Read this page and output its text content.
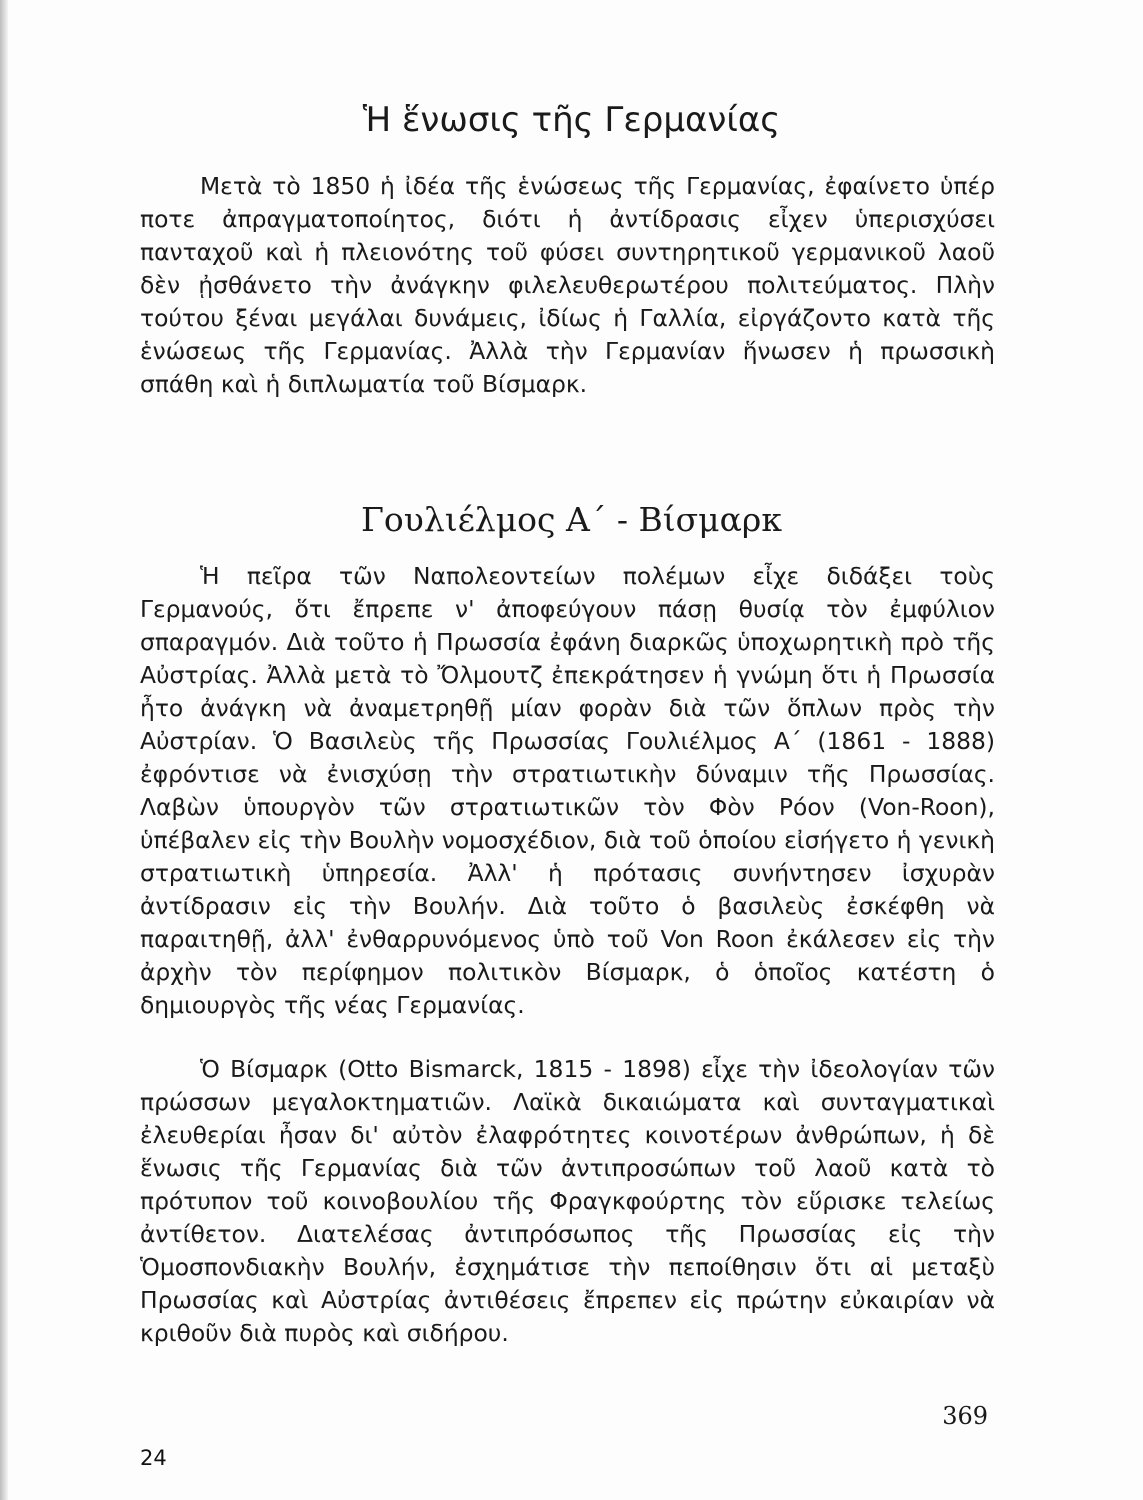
Ἡ ἕνωσις τῆς Γερμανίας

Μετὰ τὸ 1850 ἡ ἰδέα τῆς ἑνώσεως τῆς Γερμανίας, ἐφαίνετο ὑπέρ ποτε ἀπραγματοποίητος, διότι ἡ ἀντίδρασις εἶχεν ὑπερισχύσει πανταχοῦ καὶ ἡ πλειονότης τοῦ φύσει συντηρητικοῦ γερμανικοῦ λαοῦ δὲν ᾐσθάνετο τὴν ἀνάγκην φιλελευθερωτέρου πολιτεύματος. Πλὴν τούτου ξέναι μεγάλαι δυνάμεις, ἰδίως ἡ Γαλλία, εἰργάζοντο κατὰ τῆς ἑνώσεως τῆς Γερμανίας. Ἀλλὰ τὴν Γερμανίαν ἥνωσεν ἡ πρωσσικὴ σπάθη καὶ ἡ διπλωματία τοῦ Βίσμαρκ.

Γουλιέλμος Α΄ - Βίσμαρκ

Ἡ πεῖρα τῶν Ναπολεοντείων πολέμων εἶχε διδάξει τοὺς Γερμανούς, ὅτι ἔπρεπε ν' ἀποφεύγουν πάσῃ θυσίᾳ τὸν ἐμφύλιον σπαραγμόν. Διὰ τοῦτο ἡ Πρωσσία ἐφάνη διαρκῶς ὑποχωρητικὴ πρὸ τῆς Αὐστρίας. Ἀλλὰ μετὰ τὸ Ὄλμουτζ ἐπεκράτησεν ἡ γνώμη ὅτι ἡ Πρωσσία ἦτο ἀνάγκη νὰ ἀναμετρηθῇ μίαν φορὰν διὰ τῶν ὅπλων πρὸς τὴν Αὐστρίαν. Ὁ Βασιλεὺς τῆς Πρωσσίας Γουλιέλμος Α΄ (1861 - 1888) ἐφρόντισε νὰ ἐνισχύσῃ τὴν στρατιωτικὴν δύναμιν τῆς Πρωσσίας. Λαβὼν ὑπουργὸν τῶν στρατιωτικῶν τὸν Φὸν Ρόον (Von-Roon), ὑπέβαλεν εἰς τὴν Βουλὴν νομοσχέδιον, διὰ τοῦ ὁποίου εἰσήγετο ἡ γενικὴ στρατιωτικὴ ὑπηρεσία. Ἀλλ' ἡ πρότασις συνήντησεν ἰσχυρὰν ἀντίδρασιν εἰς τὴν Βουλήν. Διὰ τοῦτο ὁ βασιλεὺς ἐσκέφθη νὰ παραιτηθῇ, ἀλλ' ἐνθαρρυνόμενος ὑπὸ τοῦ Von Roon ἐκάλεσεν εἰς τὴν ἀρχὴν τὸν περίφημον πολιτικὸν Βίσμαρκ, ὁ ὁποῖος κατέστη ὁ δημιουργὸς τῆς νέας Γερμανίας.

Ὁ Βίσμαρκ (Otto Bismarck, 1815 - 1898) εἶχε τὴν ἰδεολογίαν τῶν πρώσσων μεγαλοκτηματιῶν. Λαϊκὰ δικαιώματα καὶ συνταγματικαὶ ἐλευθερίαι ἦσαν δι' αὐτὸν ἐλαφρότητες κοινοτέρων ἀνθρώπων, ἡ δὲ ἕνωσις τῆς Γερμανίας διὰ τῶν ἀντιπροσώπων τοῦ λαοῦ κατὰ τὸ πρότυπον τοῦ κοινοβουλίου τῆς Φραγκφούρτης τὸν εὕρισκε τελείως ἀντίθετον. Διατελέσας ἀντιπρόσωπος τῆς Πρωσσίας εἰς τὴν Ὁμοσπονδιακὴν Βουλήν, ἐσχημάτισε τὴν πεποίθησιν ὅτι αἱ μεταξὺ Πρωσσίας καὶ Αὐστρίας ἀντιθέσεις ἔπρεπεν εἰς πρώτην εὐκαιρίαν νὰ κριθοῦν διὰ πυρὸς καὶ σιδήρου.

369
24
